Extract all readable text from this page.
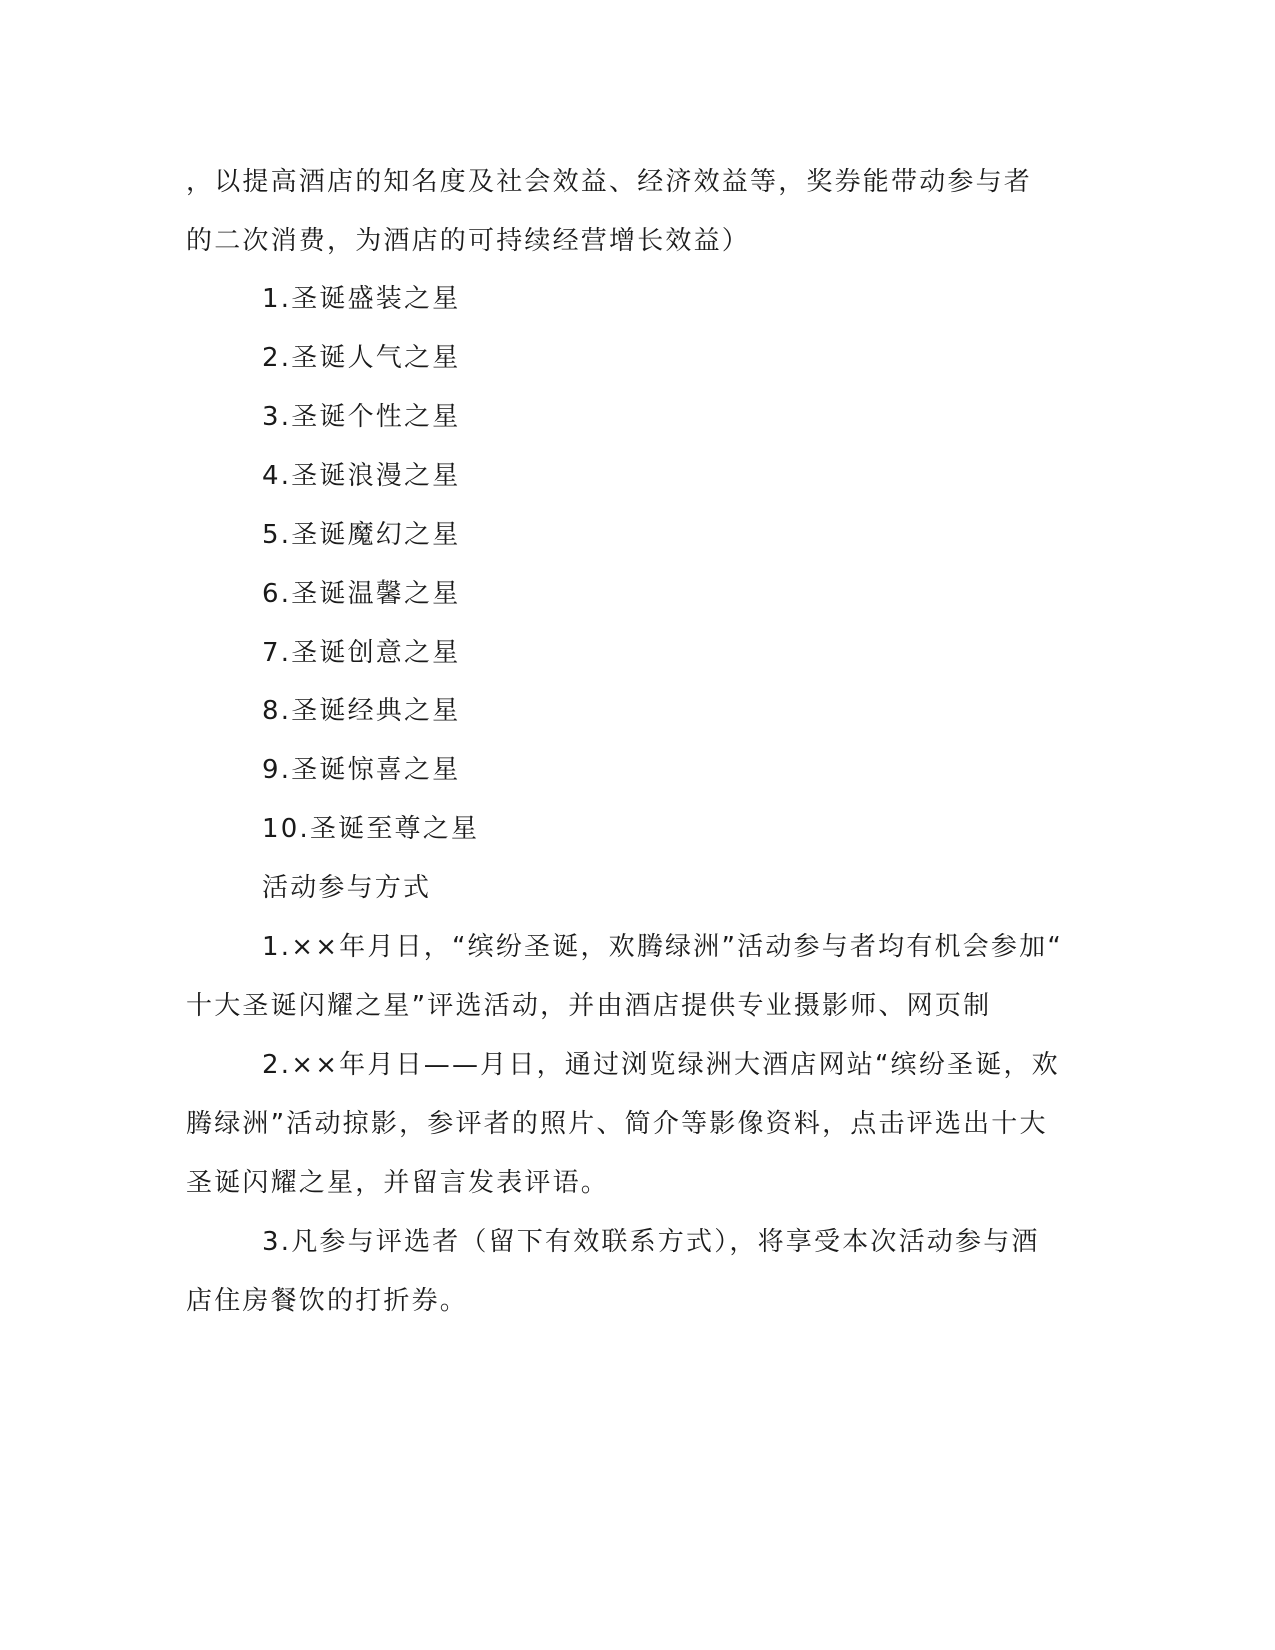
，以提高酒店的知名度及社会效益、经济效益等，奖券能带动参与者

的二次消费，为酒店的可持续经营增长效益）

1.圣诞盛装之星

2.圣诞人气之星

3.圣诞个性之星

4.圣诞浪漫之星

5.圣诞魔幻之星

6.圣诞温馨之星

7.圣诞创意之星

8.圣诞经典之星

9.圣诞惊喜之星

10.圣诞至尊之星

活动参与方式

1.××年月日，“缤纷圣诞，欢腾绿洲”活动参与者均有机会参加“

十大圣诞闪耀之星”评选活动，并由酒店提供专业摄影师、网页制

2.××年月日——月日，通过浏览绿洲大酒店网站“缤纷圣诞，欢

腾绿洲”活动掠影，参评者的照片、简介等影像资料，点击评选出十大

圣诞闪耀之星，并留言发表评语。

3.凡参与评选者（留下有效联系方式），将享受本次活动参与酒

店住房餐饮的打折券。
